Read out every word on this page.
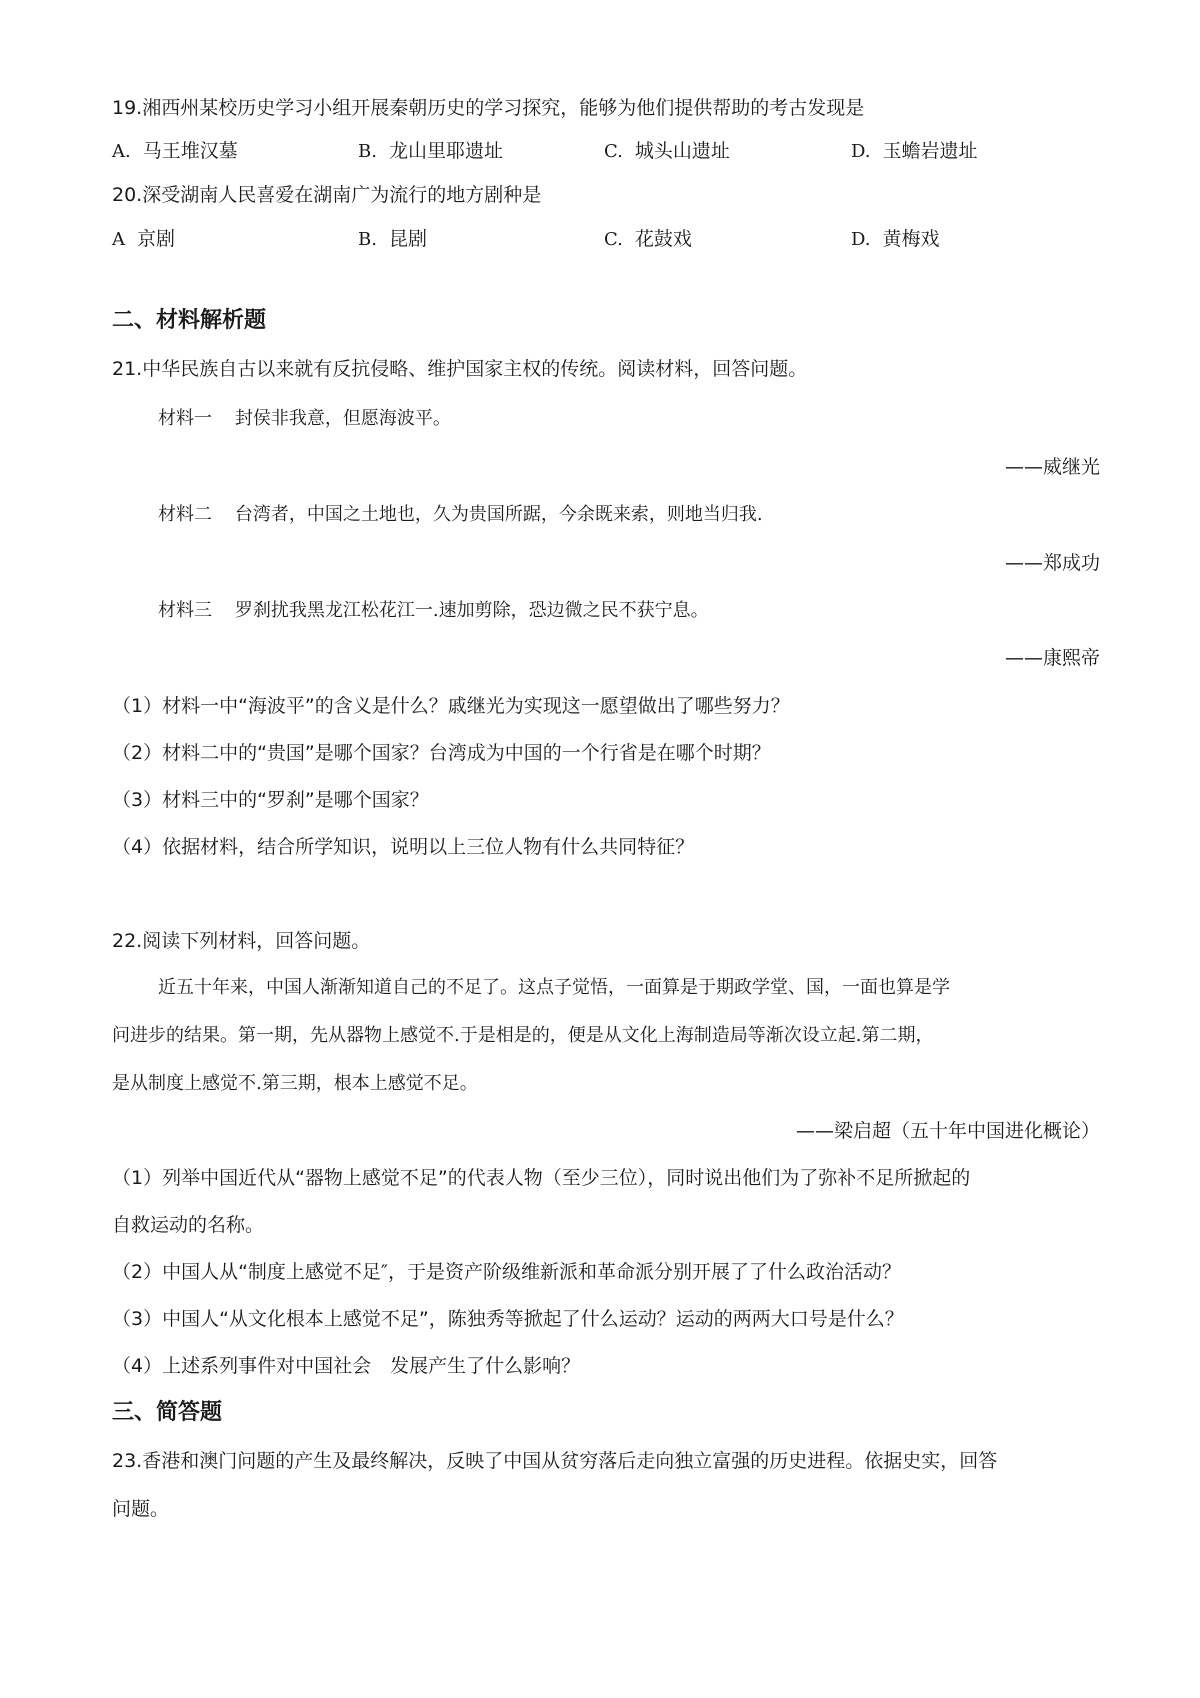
19.湘西州某校历史学习小组开展秦朝历史的学习探究，能够为他们提供帮助的考古发现是
A. 马王堆汉墓	B. 龙山里耶遗址	C. 城头山遗址	D. 玉蟾岩遗址
20.深受湖南人民喜爱在湖南广为流行的地方剧种是
A 京剧	B. 昆剧	C. 花鼓戏	D. 黄梅戏
二、材料解析题
21.中华民族自古以来就有反抗侵略、维护国家主权的传统。阅读材料，回答问题。
材料一 封侯非我意，但愿海波平。
——威继光
材料二 台湾者，中国之土地也，久为贵国所踞，今余既来索，则地当归我.
——郑成功
材料三 罗刹扰我黑龙江松花江一.速加剪除，恐边微之民不获宁息。
——康熙帝
（1）材料一中“海波平”的含义是什么？戚继光为实现这一愿望做出了哪些努力？
（2）材料二中的“贵国”是哪个国家？台湾成为中国的一个行省是在哪个时期？
（3）材料三中的“罗刹”是哪个国家？
（4）依据材料，结合所学知识，说明以上三位人物有什么共同特征？
22.阅读下列材料，回答问题。
近五十年来，中国人渐渐知道自己的不足了。这点子觉悟，一面算是于期政学堂、国，一面也算是学
问进步的结果。第一期，先从器物上感觉不.于是相是的，便是从文化上海制造局等渐次设立起.第二期，
是从制度上感觉不.第三期，根本上感觉不足。
——梁启超（五十年中国进化概论）
（1）列举中国近代从“器物上感觉不足”的代表人物（至少三位），同时说出他们为了弥补不足所掀起的
自救运动的名称。
（2）中国人从“制度上感觉不足″，于是资产阶级维新派和革命派分别开展了了什么政治活动？
（3）中国人“从文化根本上感觉不足”，陈独秀等掀起了什么运动？运动的两两大口号是什么？
（4）上述系列事件对中国社会　发展产生了什么影响？
三、简答题
23.香港和澳门问题的产生及最终解决，反映了中国从贫穷落后走向独立富强的历史进程。依据史实，回答
问题。
